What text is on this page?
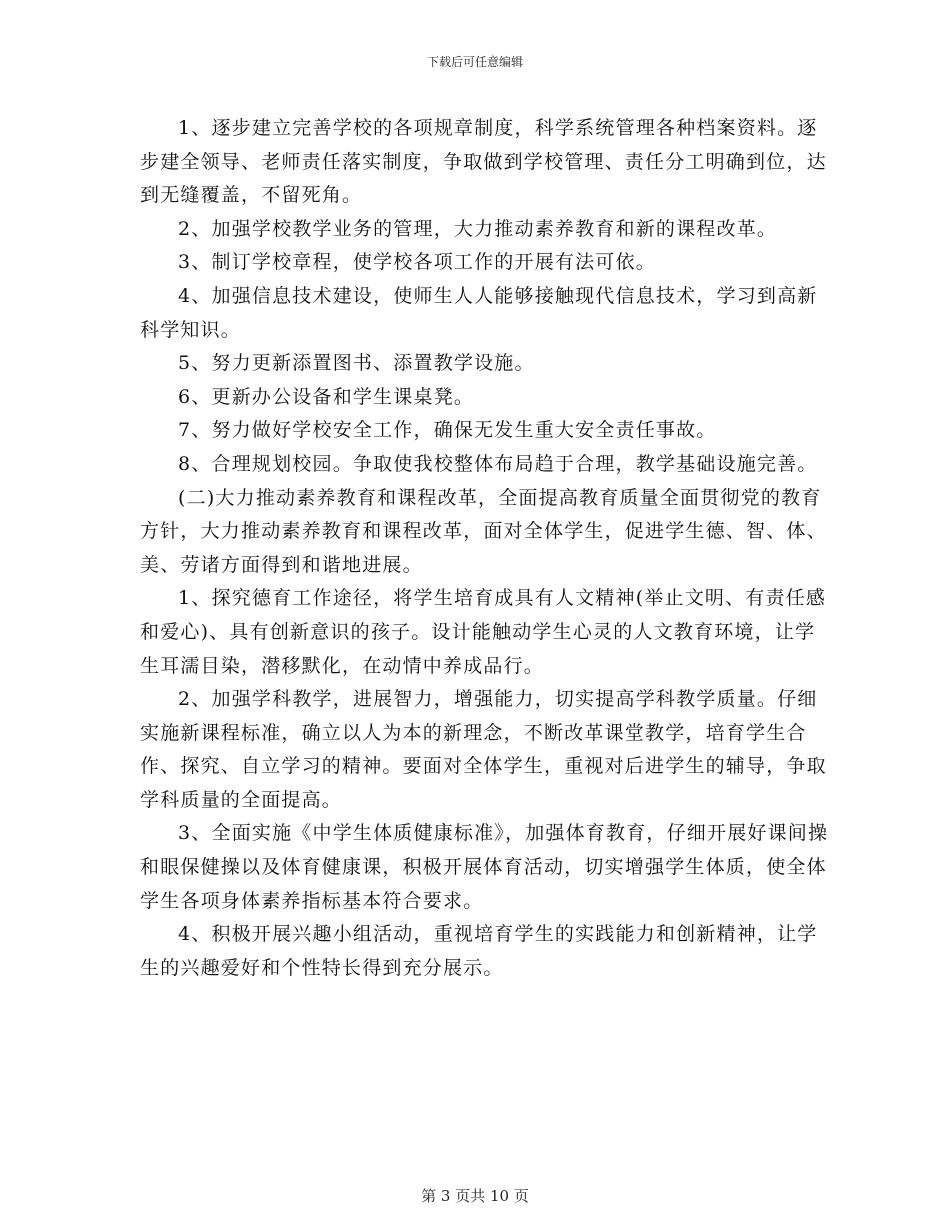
下载后可任意编辑

1、逐步建立完善学校的各项规章制度，科学系统管理各种档案资料。逐步建全领导、老师责任落实制度，争取做到学校管理、责任分工明确到位，达到无缝覆盖，不留死角。

2、加强学校教学业务的管理，大力推动素养教育和新的课程改革。

3、制订学校章程，使学校各项工作的开展有法可依。

4、加强信息技术建设，使师生人人能够接触现代信息技术，学习到高新科学知识。

5、努力更新添置图书、添置教学设施。

6、更新办公设备和学生课桌凳。

7、努力做好学校安全工作，确保无发生重大安全责任事故。

8、合理规划校园。争取使我校整体布局趋于合理，教学基础设施完善。

(二)大力推动素养教育和课程改革，全面提高教育质量全面贯彻党的教育方针，大力推动素养教育和课程改革，面对全体学生，促进学生德、智、体、美、劳诸方面得到和谐地进展。

1、探究德育工作途径，将学生培育成具有人文精神(举止文明、有责任感和爱心)、具有创新意识的孩子。设计能触动学生心灵的人文教育环境，让学生耳濡目染，潜移默化，在动情中养成品行。

2、加强学科教学，进展智力，增强能力，切实提高学科教学质量。仔细实施新课程标准，确立以人为本的新理念，不断改革课堂教学，培育学生合作、探究、自立学习的精神。要面对全体学生，重视对后进学生的辅导，争取学科质量的全面提高。

3、全面实施《中学生体质健康标准》，加强体育教育，仔细开展好课间操和眼保健操以及体育健康课，积极开展体育活动，切实增强学生体质，使全体学生各项身体素养指标基本符合要求。

4、积极开展兴趣小组活动，重视培育学生的实践能力和创新精神，让学生的兴趣爱好和个性特长得到充分展示。

第 3 页共 10 页
